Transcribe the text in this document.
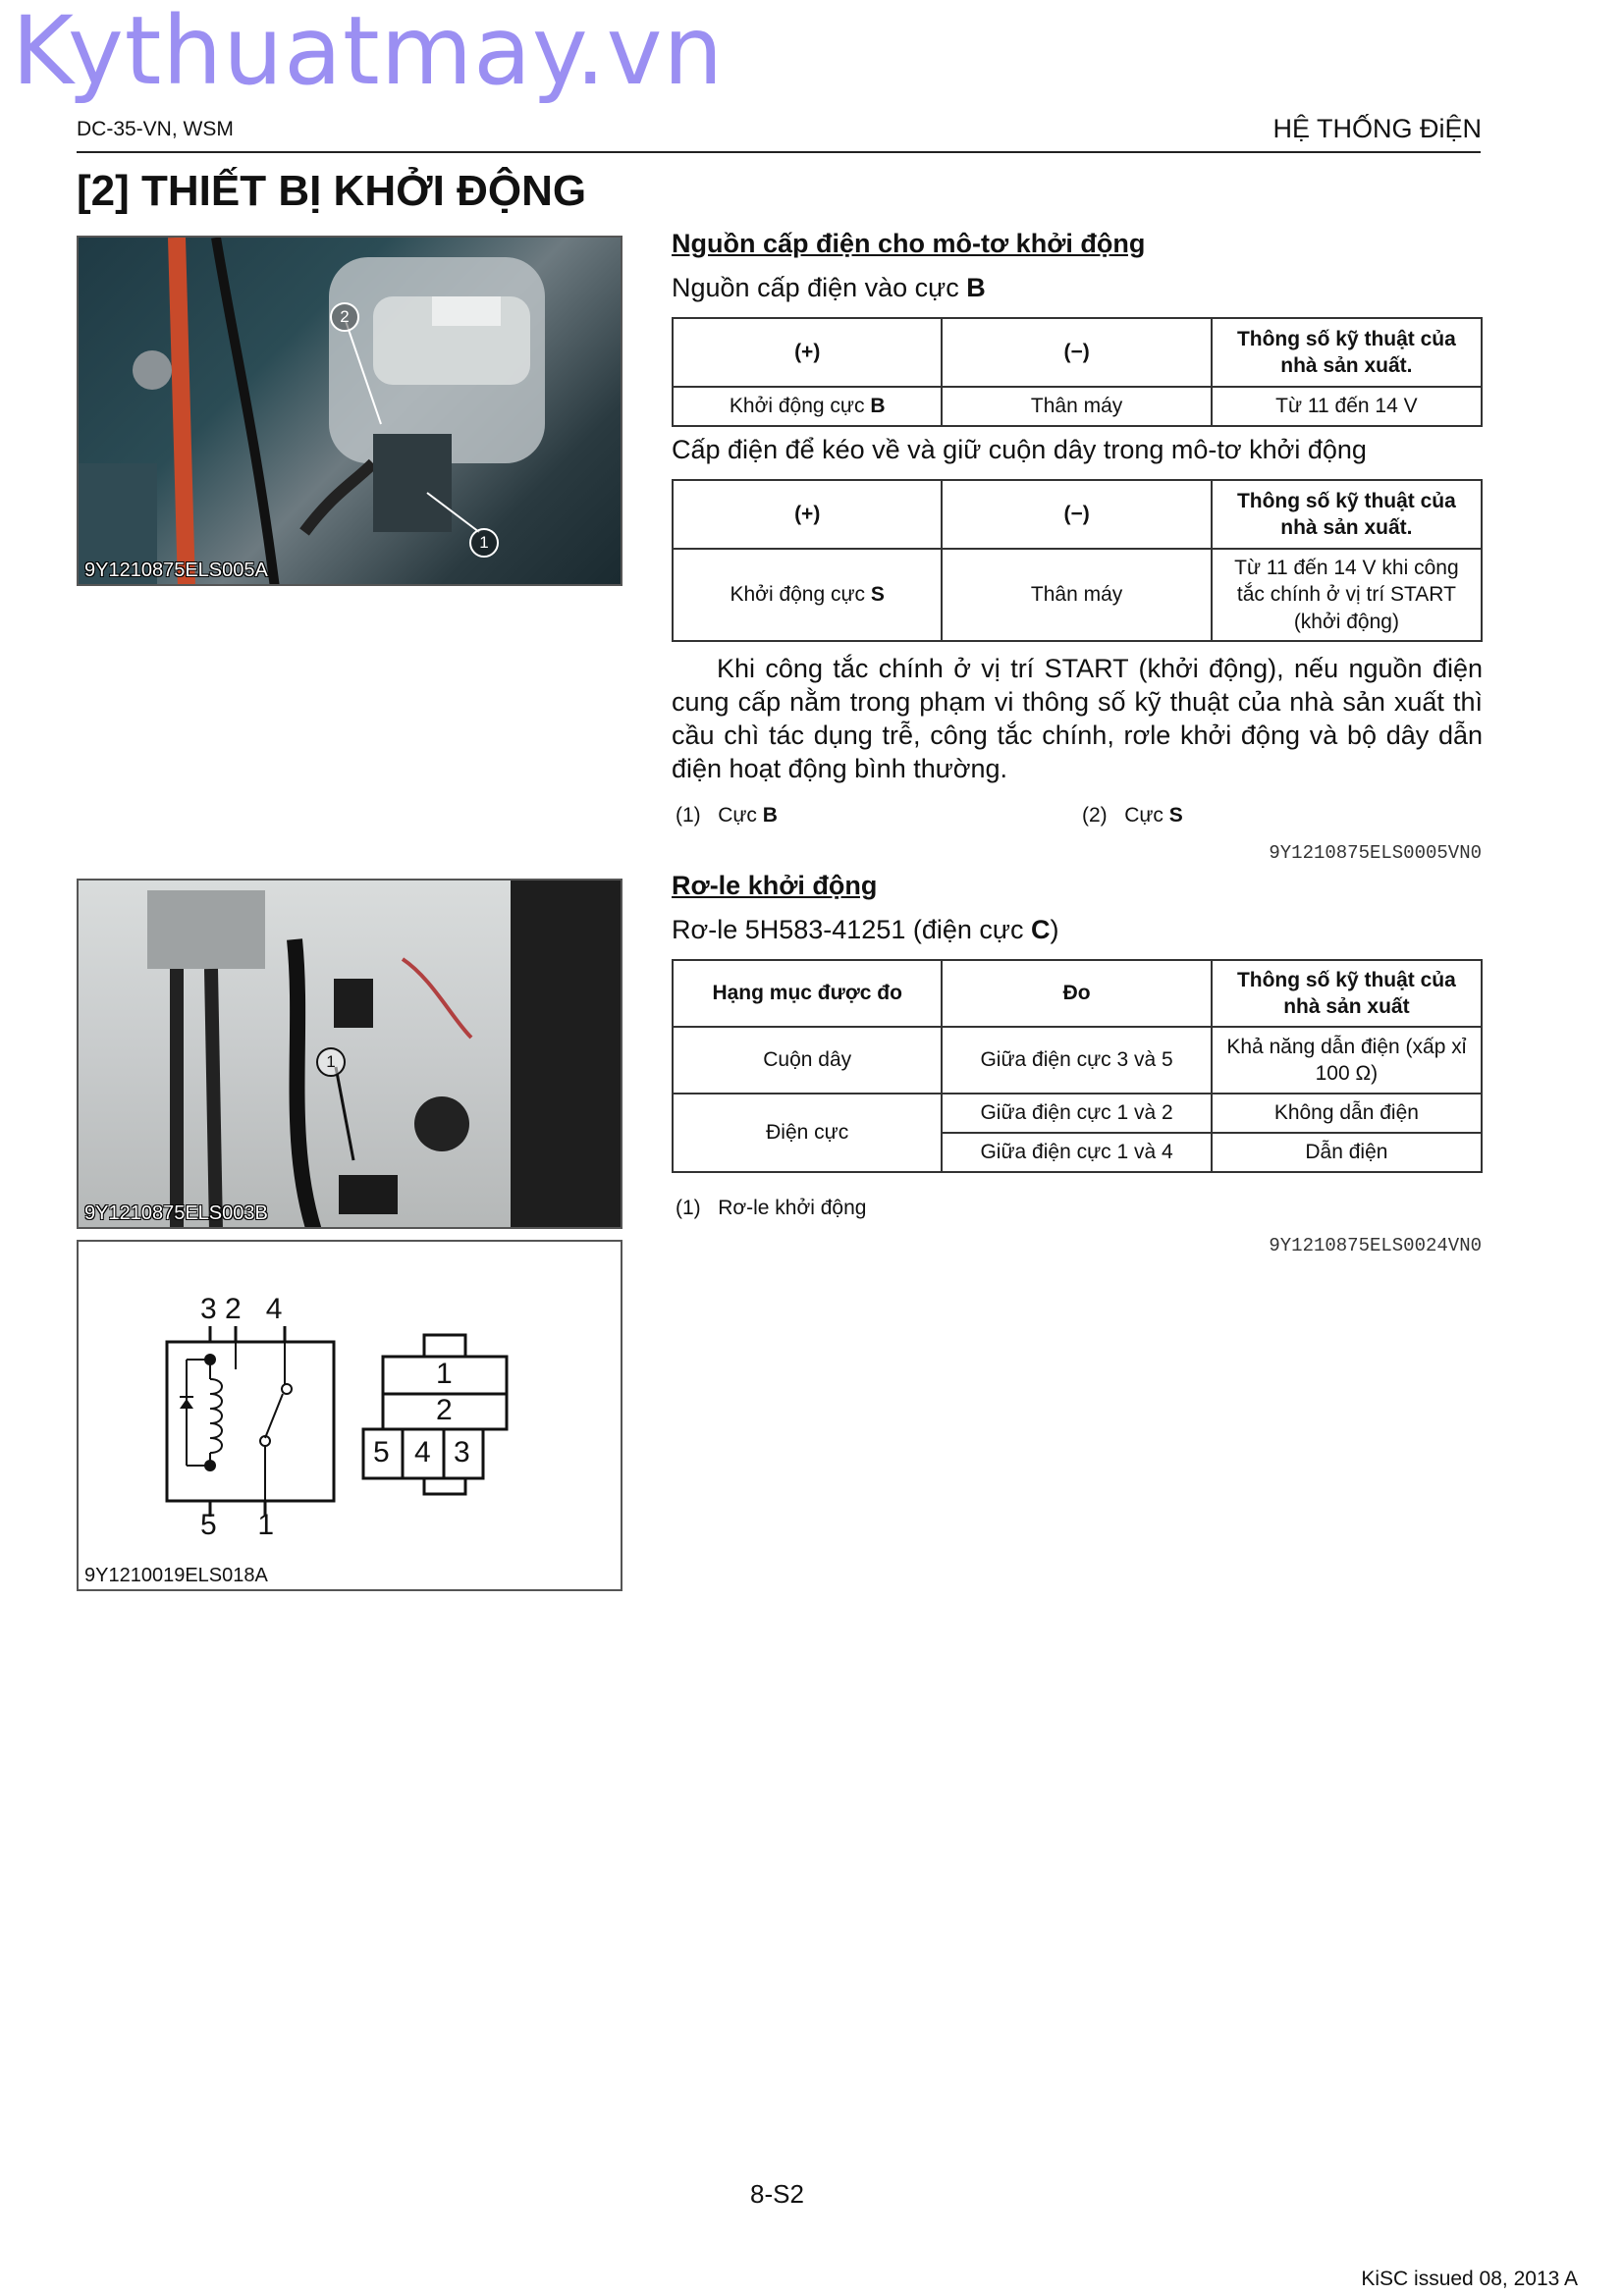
Kythuatmay.vn
DC-35-VN, WSM	HỆ THỐNG ĐiỆN
[2] THIẾT BỊ KHỞI ĐỘNG
2
1
9Y1210875ELS005A
1
9Y1210875ELS003B
3 2   4
5     1
1
2
5 4 3
9Y1210019ELS018A
Nguồn cấp điện cho mô-tơ khởi động
Nguồn cấp điện vào cực B
(+)	(−)	Thông số kỹ thuật của nhà sản xuất.
Khởi động cực B	Thân máy	Từ 11 đến 14 V
Cấp điện để kéo về và giữ cuộn dây trong mô-tơ khởi động
(+)	(−)	Thông số kỹ thuật của nhà sản xuất.
Khởi động cực S	Thân máy	Từ 11 đến 14 V khi công tắc chính ở vị trí START (khởi động)
Khi công tắc chính ở vị trí START (khởi động), nếu nguồn điện cung cấp nằm trong phạm vi thông số kỹ thuật của nhà sản xuất thì cầu chì tác dụng trễ, công tắc chính, rơle khởi động và bộ dây dẫn điện hoạt động bình thường.
(1) Cực B	(2) Cực S
9Y1210875ELS0005VN0
Rơ-le khởi động
Rơ-le 5H583-41251 (điện cực C)
Hạng mục được đo	Đo	Thông số kỹ thuật của nhà sản xuất
Cuộn dây	Giữa điện cực 3 và 5	Khả năng dẫn điện (xấp xỉ 100 Ω)
Điện cực	Giữa điện cực 1 và 2	Không dẫn điện
	Giữa điện cực 1 và 4	Dẫn điện
(1) Rơ-le khởi động
9Y1210875ELS0024VN0
8-S2
KiSC issued 08, 2013 A
